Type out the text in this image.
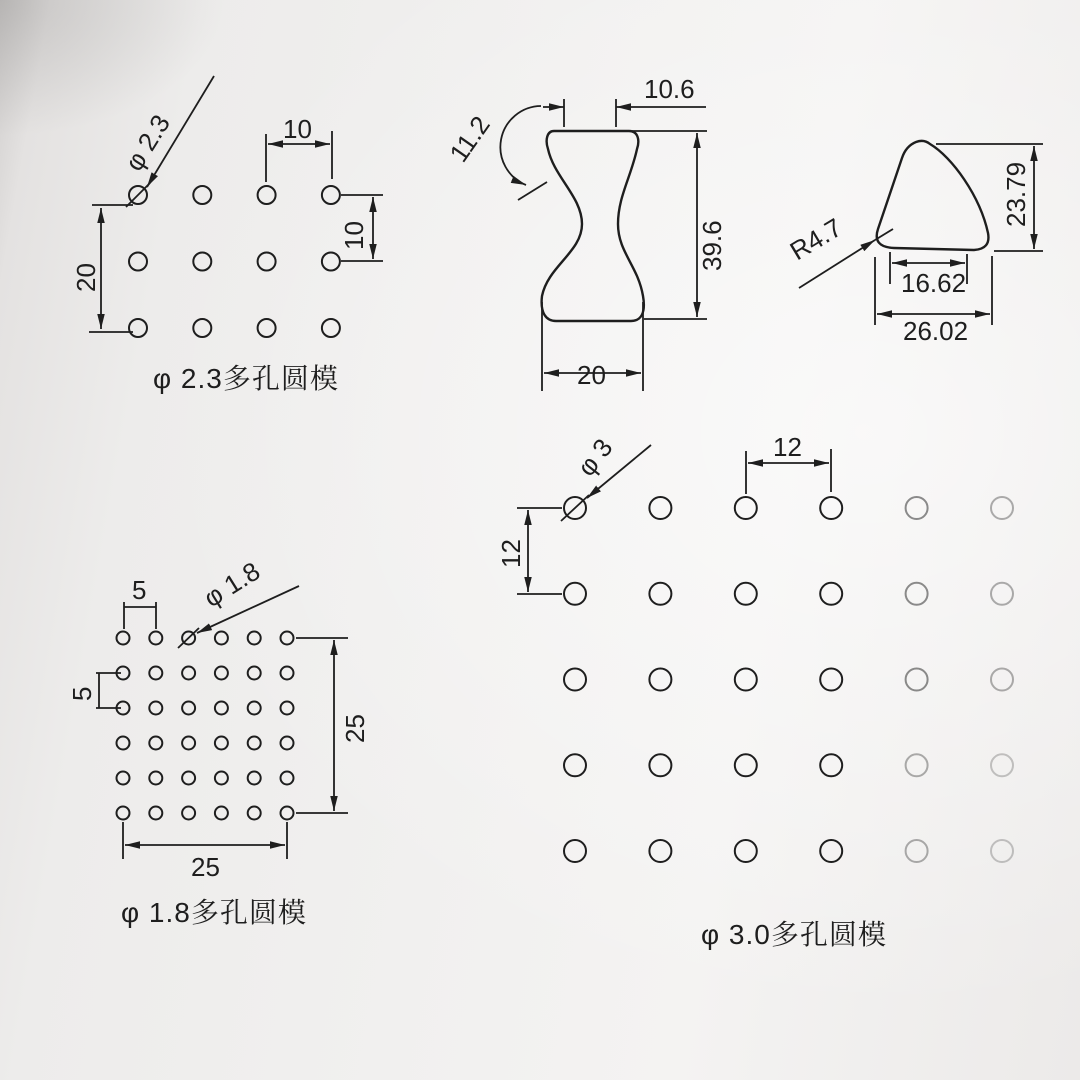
φ 2.3
20
10
10
φ 2.3多孔圆模
10.6
11.2
39.6
20
R4.7
23.79
16.62
26.02
φ 1.8
5
5
25
25
φ 1.8多孔圆模
φ 3
12
12
φ 3.0多孔圆模
